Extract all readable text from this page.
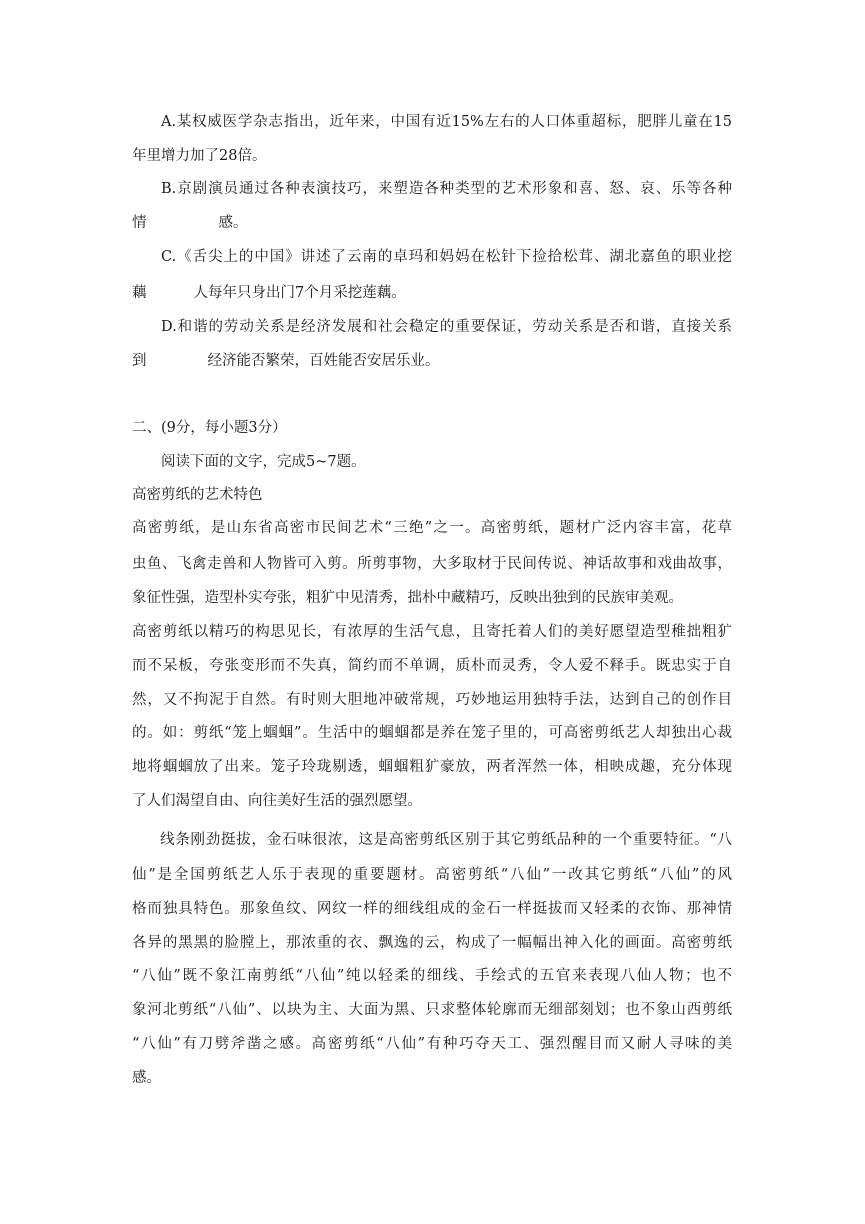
A.某权威医学杂志指出，近年来，中国有近15%左右的人口体重超标，肥胖儿童在15
年里增力加了28倍。
B.京剧演员通过各种表演技巧，来塑造各种类型的艺术形象和喜、怒、哀、乐等各种
情	感。
C.《舌尖上的中国》讲述了云南的卓玛和妈妈在松针下捡拾松茸、湖北嘉鱼的职业挖
藕	人每年只身出门7个月采挖莲藕。
D.和谐的劳动关系是经济发展和社会稳定的重要保证，劳动关系是否和谐，直接关系
到	经济能否繁荣，百姓能否安居乐业。
二、(9分，每小题3分）
阅读下面的文字，完成5~7题。
高密剪纸的艺术特色
高密剪纸，是山东省高密市民间艺术“三绝”之一。高密剪纸，题材广泛内容丰富，花草
虫鱼、飞禽走兽和人物皆可入剪。所剪事物，大多取材于民间传说、神话故事和戏曲故事，
象征性强，造型朴实夸张，粗犷中见清秀，拙朴中藏精巧，反映出独到的民族审美观。
高密剪纸以精巧的构思见长，有浓厚的生活气息，且寄托着人们的美好愿望造型稚拙粗犷
而不呆板，夸张变形而不失真，简约而不单调，质朴而灵秀，令人爱不释手。既忠实于自
然，又不拘泥于自然。有时则大胆地冲破常规，巧妙地运用独特手法，达到自己的创作目
的。如：剪纸“笼上蝈蝈”。生活中的蝈蝈都是养在笼子里的，可高密剪纸艺人却独出心裁
地将蝈蝈放了出来。笼子玲珑剔透，蝈蝈粗犷豪放，两者浑然一体，相映成趣，充分体现
了人们渴望自由、向往美好生活的强烈愿望。
线条刚劲挺拔，金石味很浓，这是高密剪纸区别于其它剪纸品种的一个重要特征。“八
仙”是全国剪纸艺人乐于表现的重要题材。高密剪纸“八仙”一改其它剪纸“八仙”的风
格而独具特色。那象鱼纹、网纹一样的细线组成的金石一样挺拔而又轻柔的衣饰、那神情
各异的黑黑的脸膛上，那浓重的衣、飘逸的云，构成了一幅幅出神入化的画面。高密剪纸
“八仙”既不象江南剪纸“八仙”纯以轻柔的细线、手绘式的五官来表现八仙人物；也不
象河北剪纸“八仙”、以块为主、大面为黑、只求整体轮廓而无细部刻划；也不象山西剪纸
“八仙”有刀劈斧凿之感。高密剪纸“八仙”有种巧夺天工、强烈醒目而又耐人寻味的美
感。
